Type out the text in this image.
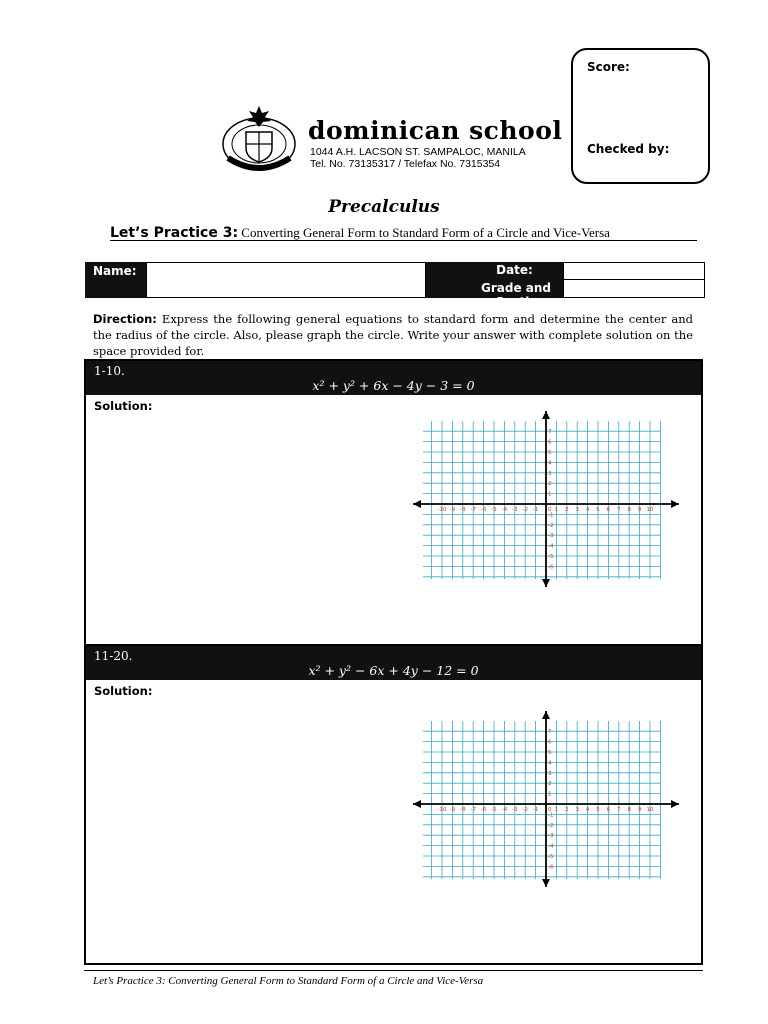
Score:
Checked by:
dominican school
1044 A.H. LACSON ST. SAMPALOC, MANILA
Tel. No. 73135317 / Telefax No. 7315354
Precalculus
Let’s Practice 3: Converting General Form to Standard Form of a Circle and Vice-Versa
Name:	Date:
Grade and Section:
Direction: Express the following general equations to standard form and determine the center and the radius of the circle. Also, please graph the circle. Write your answer with complete solution on the space provided for.
1-10.
x² + y² + 6x − 4y − 3 = 0
Solution:
-10 -9 -8 -7 -6 -5 -4 -3 -2 -1	1 2 3 4 5 6 7 8 9 10
0
7
6
5
4
3
2
1
-1
-2
-3
-4
-5
-6
11-20.
x² + y² − 6x + 4y − 12 = 0
Solution:
-10 -9 -8 -7 -6 -5 -4 -3 -2 -1	1 2 3 4 5 6 7 8 9 10
0
7
6
5
4
3
2
1
-1
-2
-3
-4
-5
-6
Let’s Practice 3: Converting General Form to Standard Form of a Circle and Vice-Versa
